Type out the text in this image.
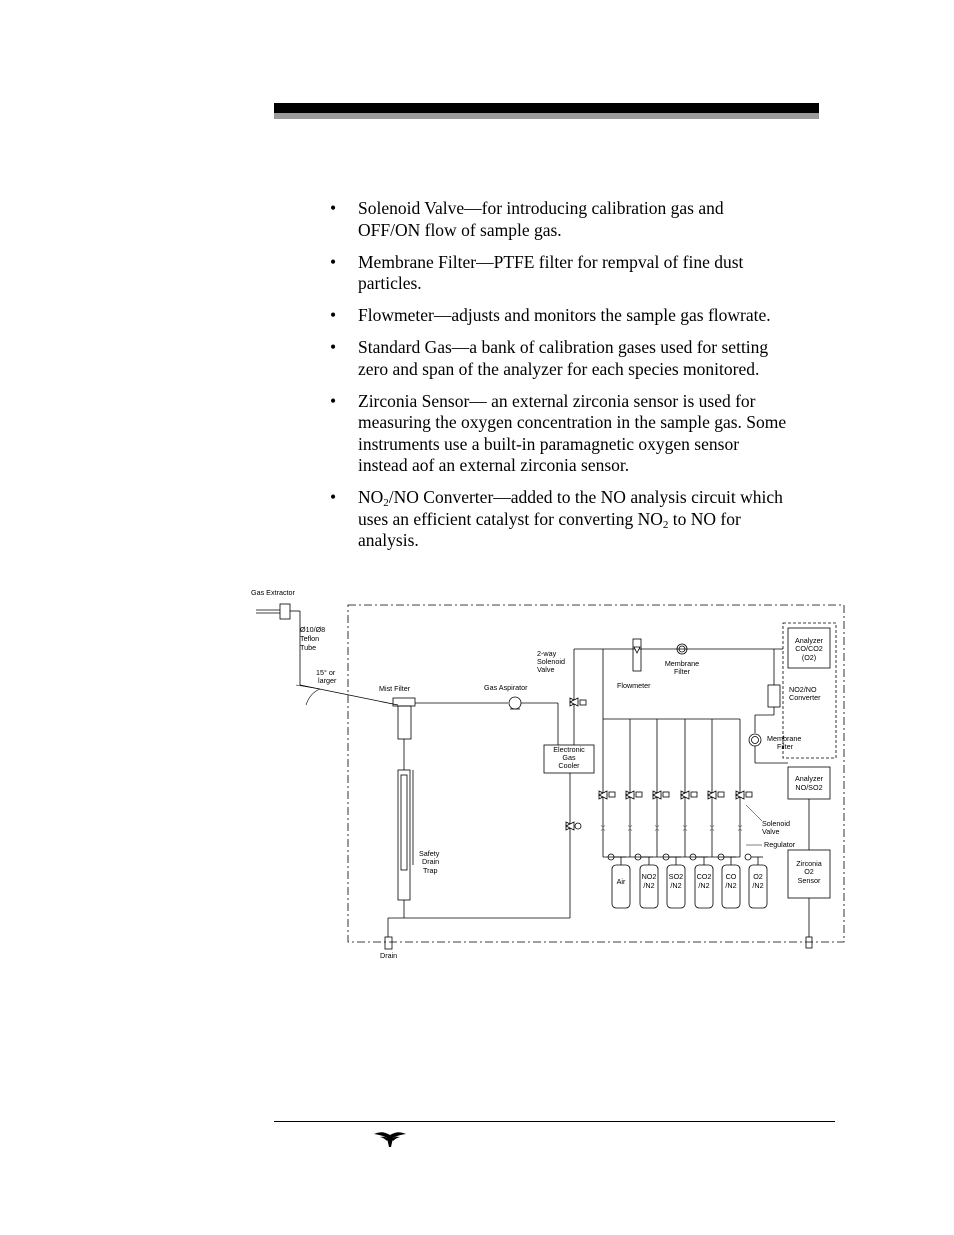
• Solenoid Valve—for introducing calibration gas and
OFF/ON flow of sample gas.
• Membrane Filter—PTFE filter for rempval of fine dust
particles.
• Flowmeter—adjusts and monitors the sample gas flowrate.
• Standard Gas—a bank of calibration gases used for setting
zero and span of the analyzer for each species monitored.
• Zirconia Sensor— an external zirconia sensor is used for
measuring the oxygen concentration in the sample gas. Some
instruments use a built-in paramagnetic oxygen sensor
instead aof an external zirconia sensor.
• $NO_2/NO$ Converter—added to the NO analysis circuit which
uses an efficient catalyst for converting $NO_2$ to NO for
analysis.
Gas Extractor
Ø10/Ø8
Teflon
Tube
15° or
larger
Mist Filter	Gas Aspirator
2-way
Solenoid
Valve
Flowmeter
Membrane
Filter
Analyzer
CO/CO2
(O2)
NO2/NO
Converter
Membrane
Filter
Electronic
Gas
Cooler
Analyzer
NO/SO2
Solenoid
Valve
Regulator
Zirconia
O2
Sensor
Safety
Drain
Trap
Drain
Air
NO2
/N2
SO2
/N2
CO2
/N2
CO
/N2
O2
/N2
